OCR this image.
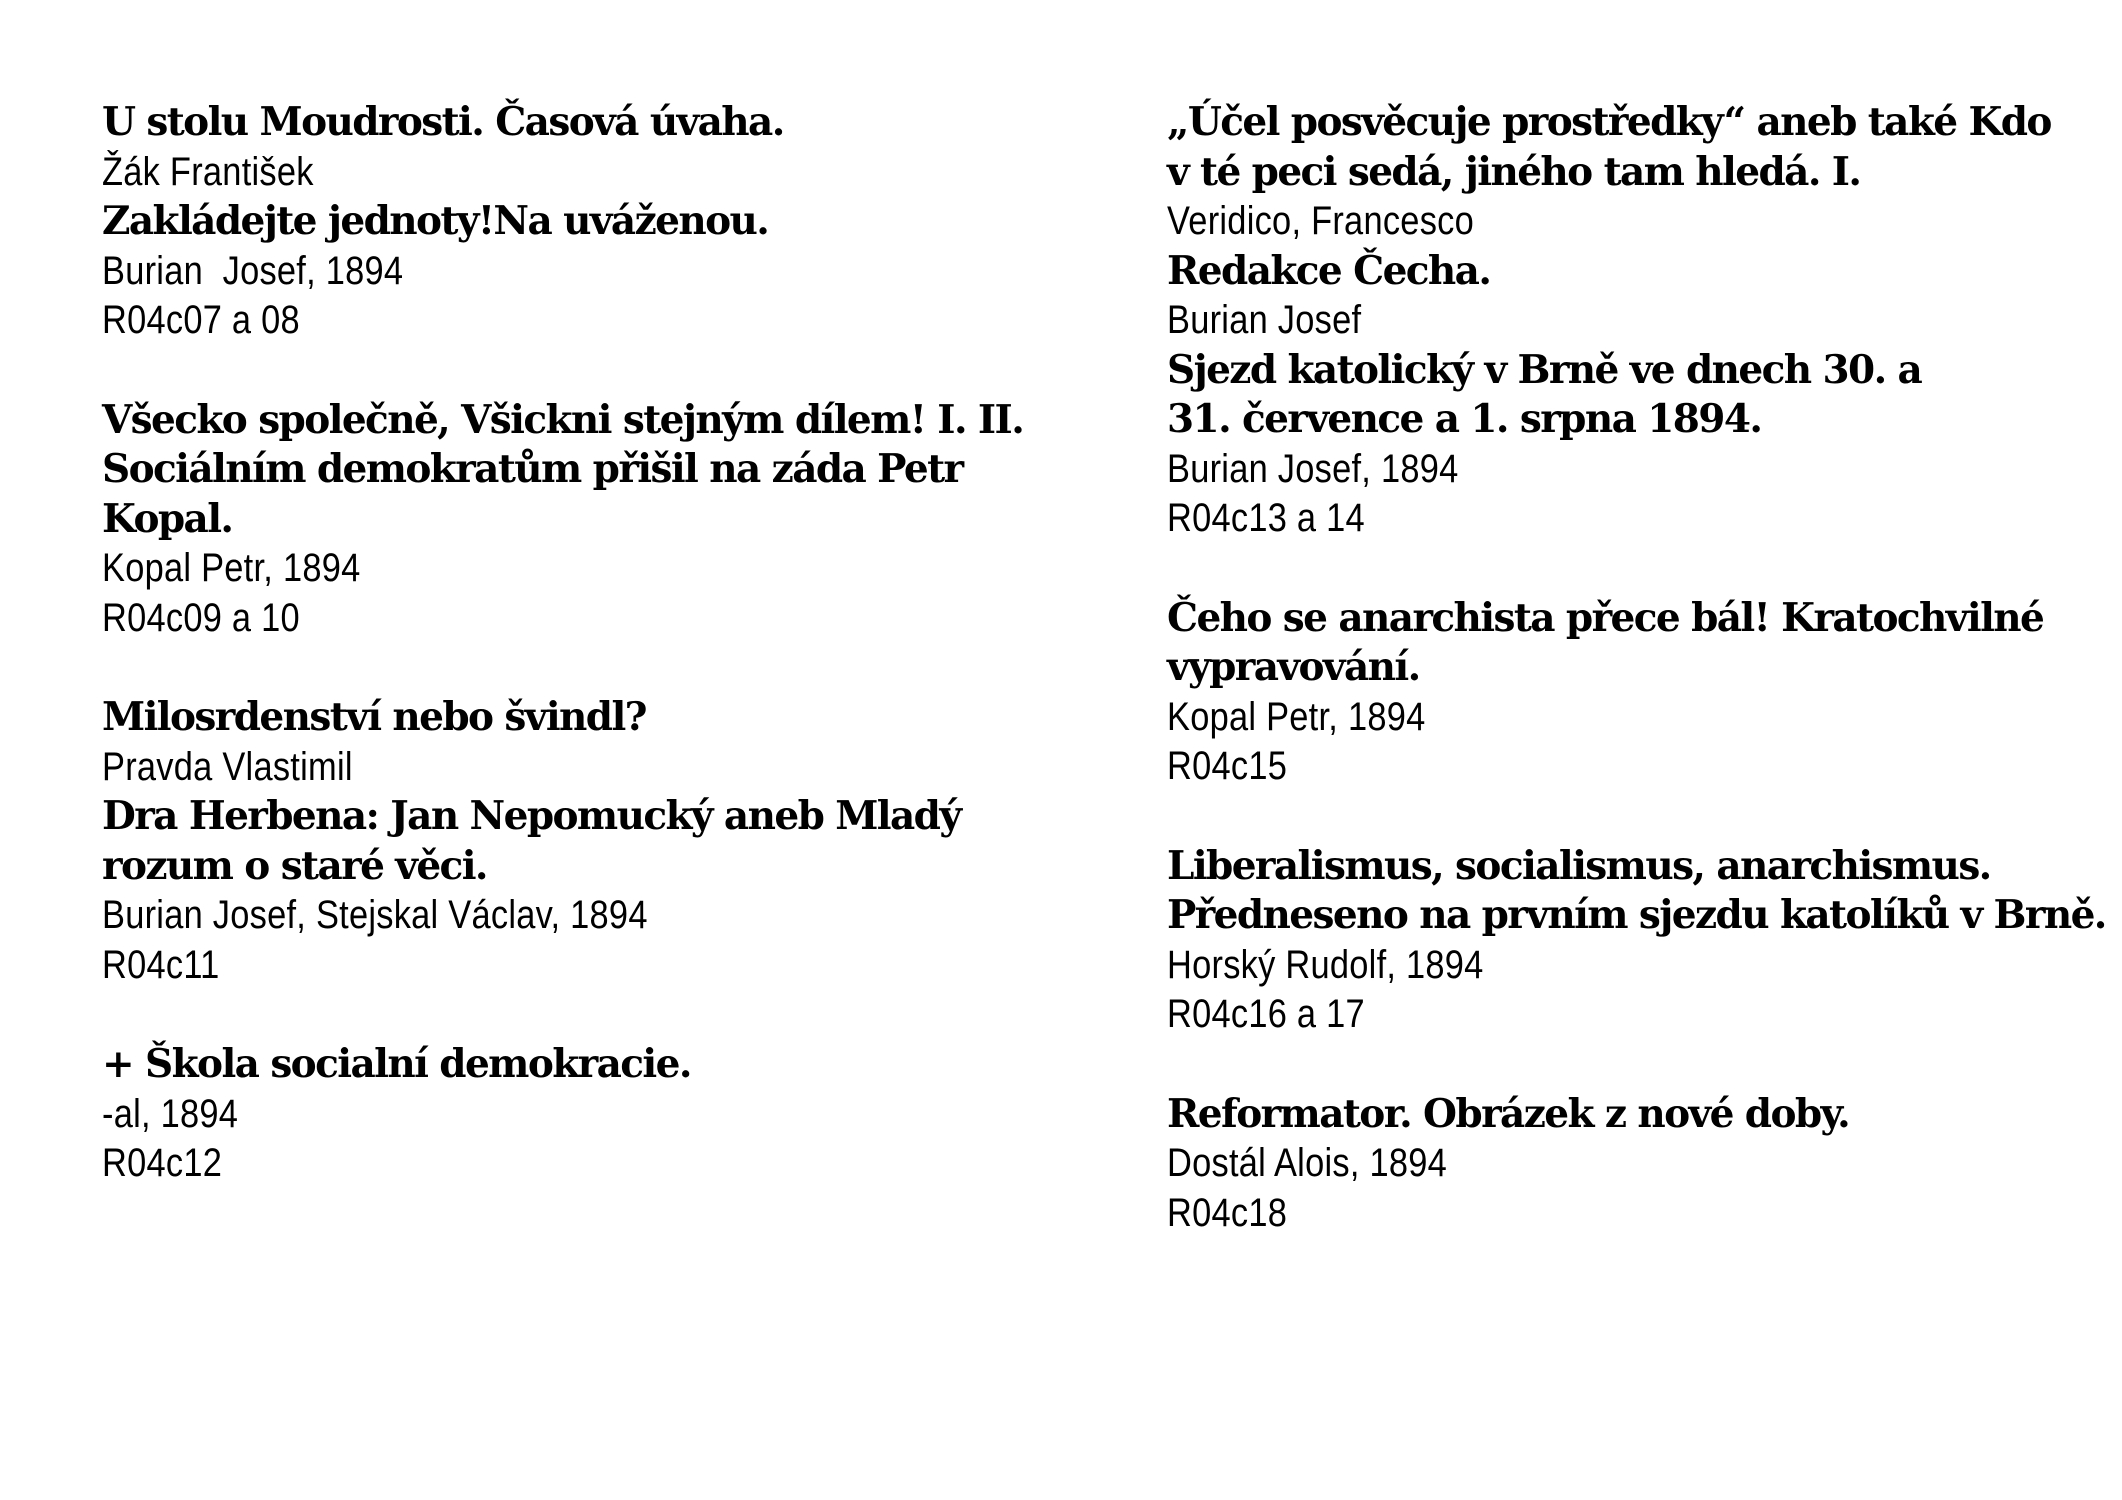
U stolu Moudrosti. Časová úvaha.
Žák František
Zakládejte jednoty!Na uváženou.
Burian  Josef, 1894
R04c07 a 08
Všecko společně, Všickni stejným dílem! I. II.
Sociálním demokratům přišil na záda Petr
Kopal.
Kopal Petr, 1894
R04c09 a 10
Milosrdenství nebo švindl?
Pravda Vlastimil
Dra Herbena: Jan Nepomucký aneb Mladý
rozum o staré věci.
Burian Josef, Stejskal Václav, 1894
R04c11
+ Škola socialní demokracie.
-al, 1894
R04c12
„Účel posvěcuje prostředky“ aneb také Kdo
v té peci sedá, jiného tam hledá. I.
Veridico, Francesco
Redakce Čecha.
Burian Josef
Sjezd katolický v Brně ve dnech 30. a
31. července a 1. srpna 1894.
Burian Josef, 1894
R04c13 a 14
Čeho se anarchista přece bál! Kratochvilné
vypravování.
Kopal Petr, 1894
R04c15
Liberalismus, socialismus, anarchismus.
Předneseno na prvním sjezdu katolíků v Brně.
Horský Rudolf, 1894
R04c16 a 17
Reformator. Obrázek z nové doby.
Dostál Alois, 1894
R04c18
